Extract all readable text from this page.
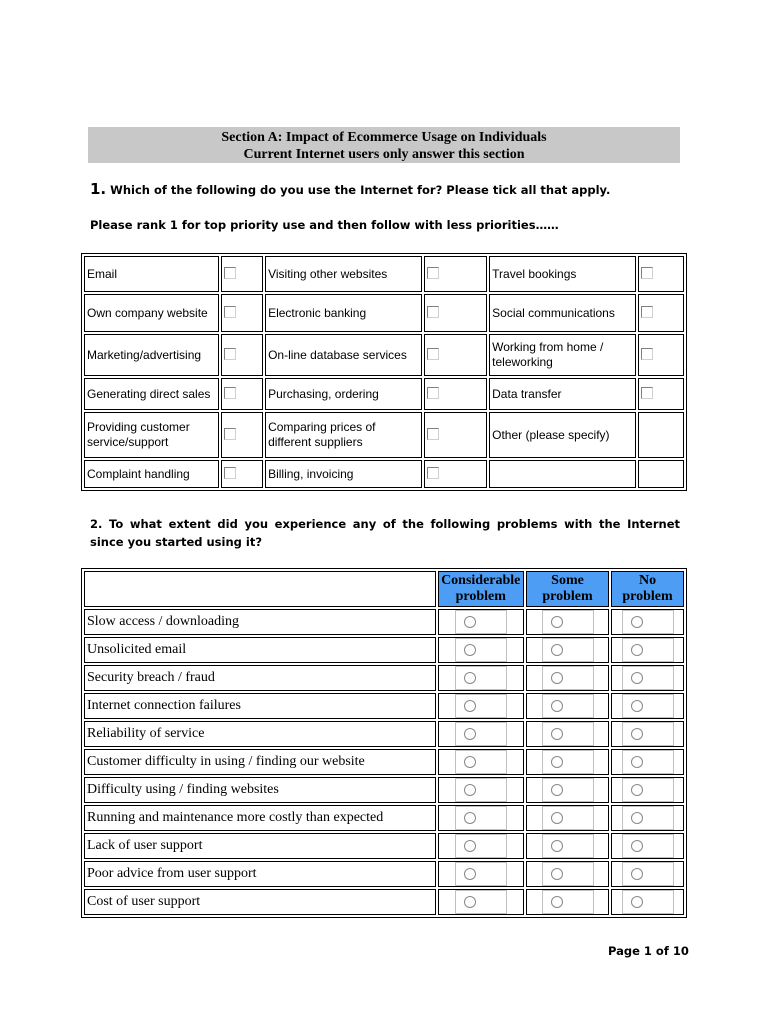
Section A: Impact of Ecommerce Usage on Individuals
Current Internet users only answer this section
1. Which of the following do you use the Internet for? Please tick all that apply.
Please rank 1 for top priority use and then follow with less priorities……
Email		Visiting other websites		Travel bookings	
Own company website		Electronic banking		Social communications	
Marketing/advertising		On-line database services		Working from home / teleworking	
Generating direct sales		Purchasing, ordering		Data transfer	
Providing customer service/support		Comparing prices of different suppliers		Other (please specify)	
Complaint handling		Billing, invoicing			
2. To what extent did you experience any of the following problems with the Internet since you started using it?
	Considerable problem	Some problem	No problem
Slow access / downloading	

Unsolicited email	

Security breach / fraud	

Internet connection failures	

Reliability of service	

Customer difficulty in using / finding our website	

Difficulty using / finding websites	

Running and maintenance more costly than expected	

Lack of user support	

Poor advice from user support	

Cost of user support	

Page 1 of 10
